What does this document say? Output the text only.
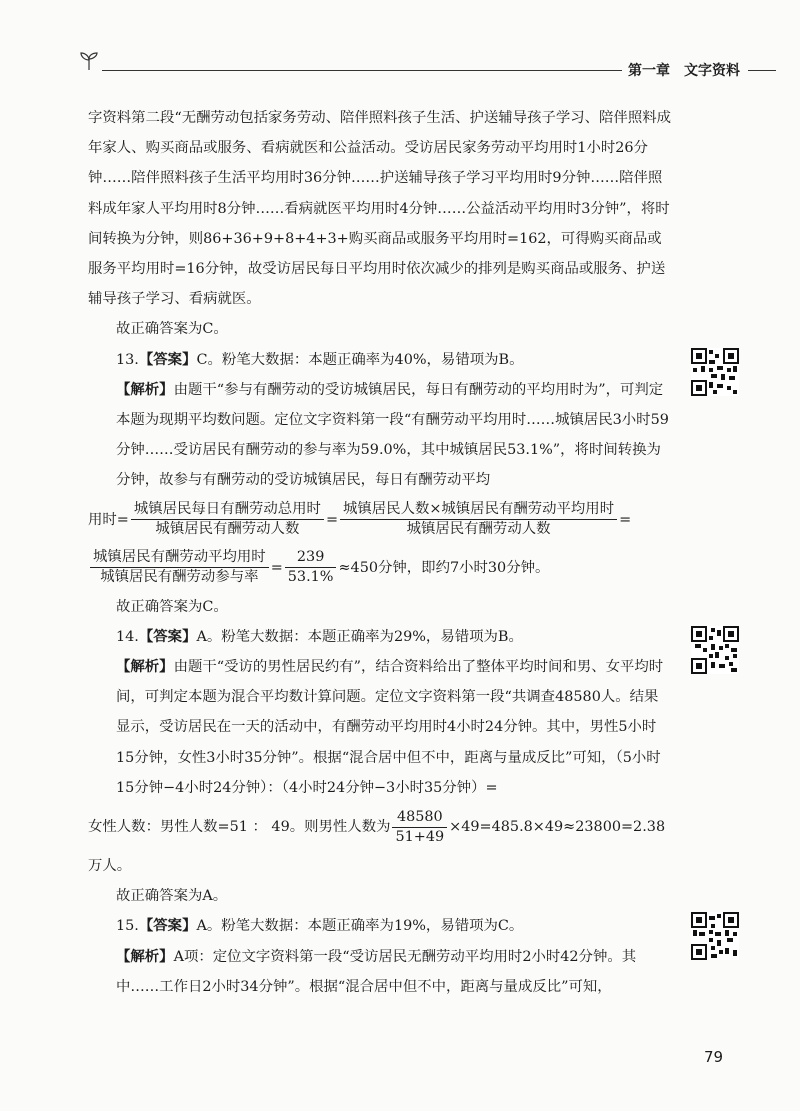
第一章　文字资料

字资料第二段“无酬劳动包括家务劳动、陪伴照料孩子生活、护送辅导孩子学习、陪伴照料成年家人、购买商品或服务、看病就医和公益活动。受访居民家务劳动平均用时1小时26分钟……陪伴照料孩子生活平均用时36分钟……护送辅导孩子学习平均用时9分钟……陪伴照料成年家人平均用时8分钟……看病就医平均用时4分钟……公益活动平均用时3分钟”，将时间转换为分钟，则86+36+9+8+4+3+购买商品或服务平均用时=162，可得购买商品或服务平均用时=16分钟，故受访居民每日平均用时依次减少的排列是购买商品或服务、护送辅导孩子学习、看病就医。

故正确答案为C。

13.【答案】C。粉笔大数据：本题正确率为40%，易错项为B。

【解析】由题干“参与有酬劳动的受访城镇居民，每日有酬劳动的平均用时为”，可判定本题为现期平均数问题。定位文字资料第一段“有酬劳动平均用时……城镇居民3小时59分钟……受访居民有酬劳动的参与率为59.0%，其中城镇居民53.1%”，将时间转换为分钟，故参与有酬劳动的受访城镇居民，每日有酬劳动平均

用时= $\frac{\text{城镇居民每日有酬劳动总用时}}{\text{城镇居民有酬劳动人数}} = \frac{\text{城镇居民人数×城镇居民有酬劳动平均用时}}{\text{城镇居民有酬劳动人数}}$ =
$\frac{\text{城镇居民有酬劳动平均用时}}{\text{城镇居民有酬劳动参与率}} = \frac{239}{53.1\%} \approx 450$分钟，即约7小时30分钟。

故正确答案为C。

14.【答案】A。粉笔大数据：本题正确率为29%，易错项为B。

【解析】由题干“受访的男性居民约有”，结合资料给出了整体平均时间和男、女平均时间，可判定本题为混合平均数计算问题。定位文字资料第一段“共调查48580人。结果显示，受访居民在一天的活动中，有酬劳动平均用时4小时24分钟。其中，男性5小时15分钟，女性3小时35分钟”。根据“混合居中但不中，距离与量成反比”可知，（5小时15分钟−4小时24分钟）：（4小时24分钟−3小时35分钟）=

女性人数：男性人数=51 ： 49。则男性人数为 $\frac{48580}{51+49} \times 49=485.8\times 49\approx 23800=2.38$

万人。

故正确答案为A。

15.【答案】A。粉笔大数据：本题正确率为19%，易错项为C。

【解析】A项：定位文字资料第一段“受访居民无酬劳动平均用时2小时42分钟。其中……工作日2小时34分钟”。根据“混合居中但不中，距离与量成反比”可知，

79
